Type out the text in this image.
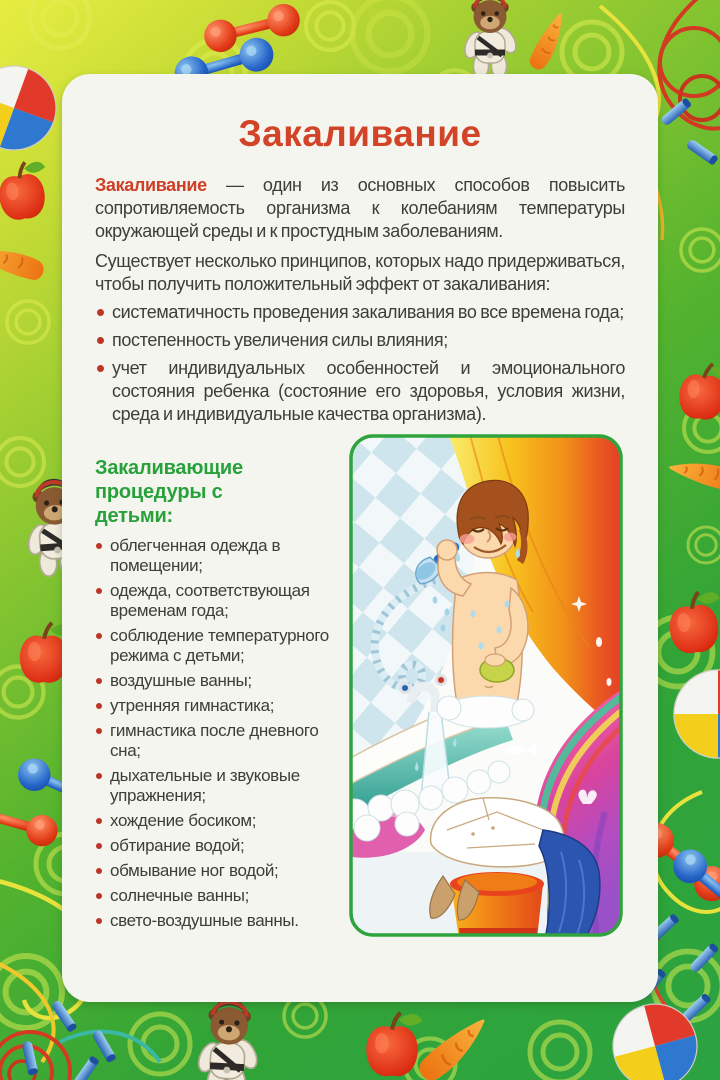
Закаливание

Закаливание — один из основных способов повысить сопротивляемость организма к колебаниям температуры окружающей среды и к простудным заболеваниям.

Существует несколько принципов, которых надо придерживаться, чтобы получить положительный эффект от закаливания:

систематичность проведения закаливания во все времена года;
постепенность увеличения силы влияния;
учет индивидуальных особенностей и эмоционального состояния ребенка (состояние его здоровья, условия жизни, среда и индивидуальные качества организма).
Закаливающие процедуры с детьми:
облегченная одежда в помещении;
одежда, соответствующая временам года;
соблюдение температурного режима с детьми;
воздушные ванны;
утренняя гимнастика;
гимнастика после дневного сна;
дыхательные и звуковые упражнения;
хождение босиком;
обтирание водой;
обмывание ног водой;
солнечные ванны;
свето-воздушные ванны.
